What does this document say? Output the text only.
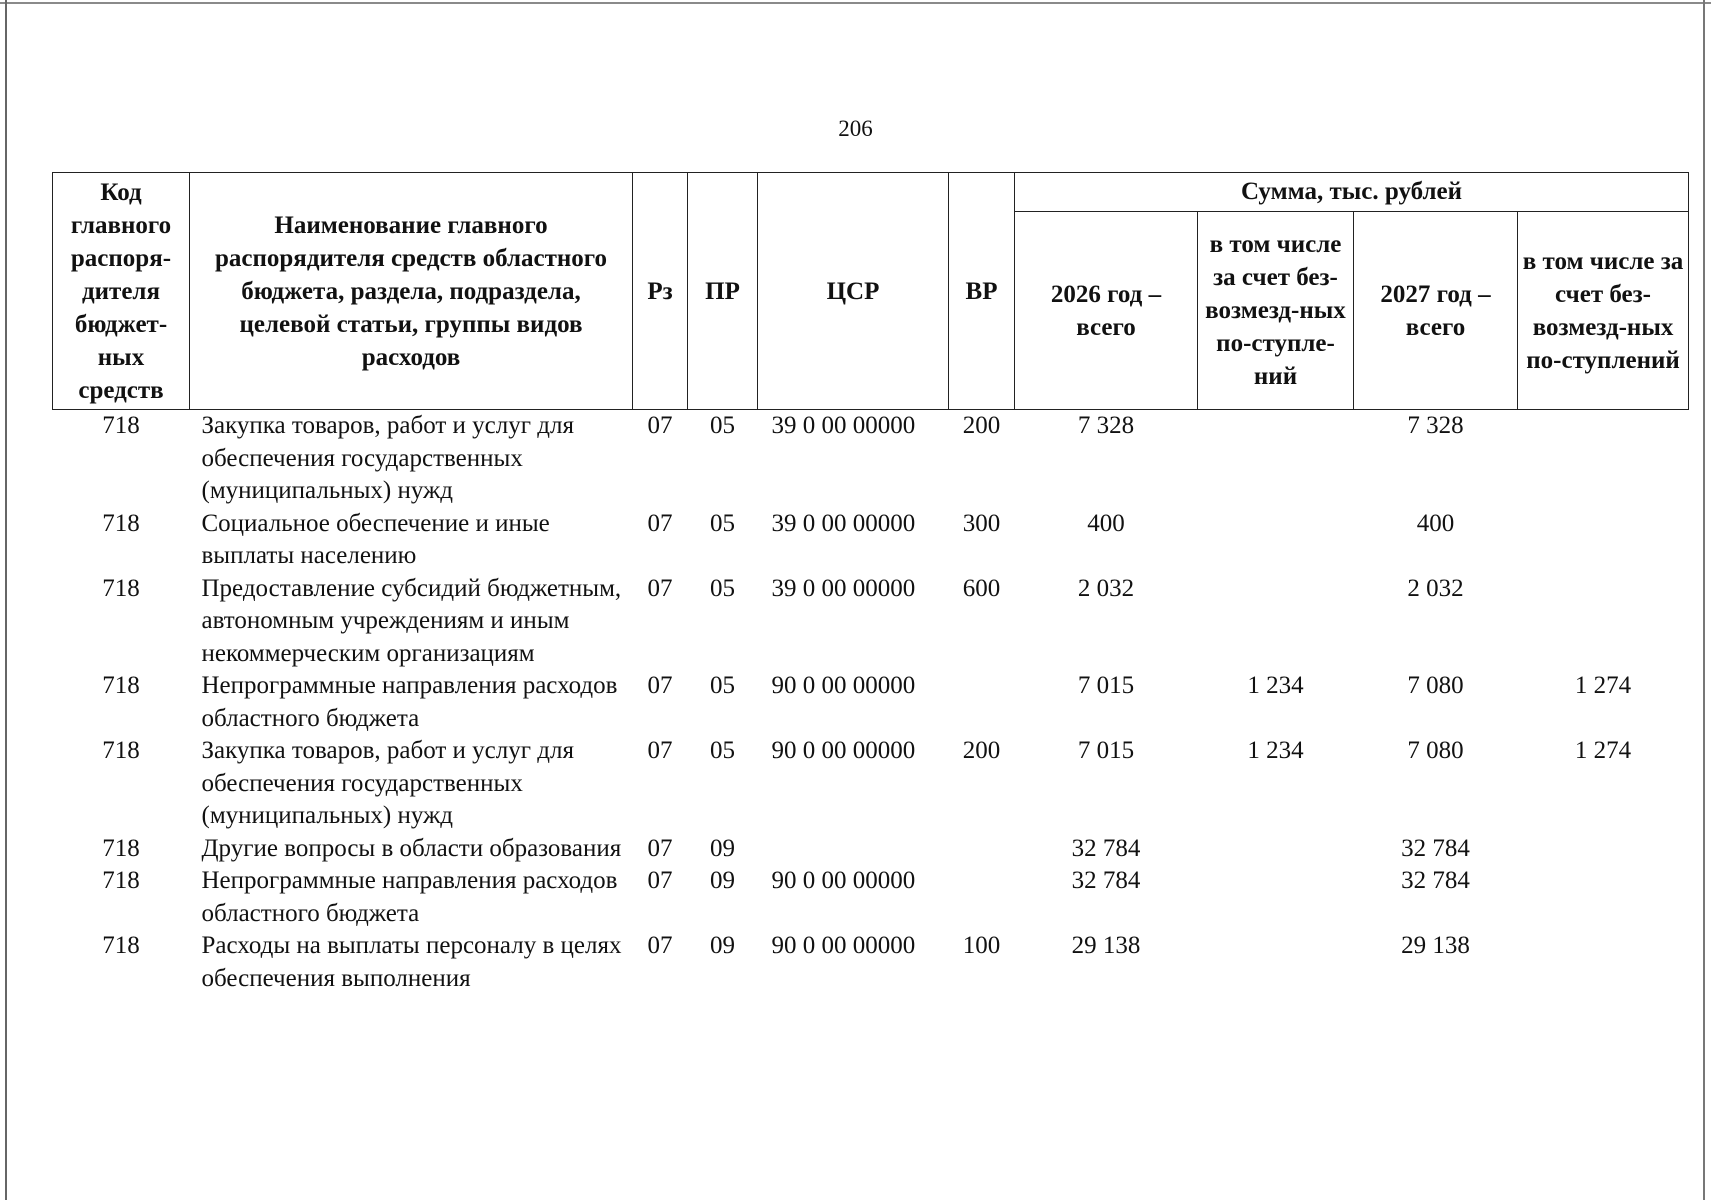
206
Код главного распоря-дителя бюджет-ных средств	Наименование главного распорядителя средств областного бюджета, раздела, подраздела, целевой статьи, группы видов расходов	Рз	ПР	ЦСР	ВР	Сумма, тыс. рублей			
						2026 год – всего	в том числе за счет без-возмезд-ных по-ступле-ний	2027 год – всего	в том числе за счет без-возмезд-ных по-ступлений
718	Закупка товаров, работ и услуг для обеспечения государственных (муниципальных) нужд	07	05	39 0 00 00000	200	7 328		7 328	
718	Социальное обеспечение и иные выплаты населению	07	05	39 0 00 00000	300	400		400	
718	Предоставление субсидий бюджетным, автономным учреждениям и иным некоммерческим организациям	07	05	39 0 00 00000	600	2 032		2 032	
718	Непрограммные направления расходов областного бюджета	07	05	90 0 00 00000		7 015	1 234	7 080	1 274
718	Закупка товаров, работ и услуг для обеспечения государственных (муниципальных) нужд	07	05	90 0 00 00000	200	7 015	1 234	7 080	1 274
718	Другие вопросы в области образования	07	09			32 784		32 784	
718	Непрограммные направления расходов областного бюджета	07	09	90 0 00 00000		32 784		32 784	
718	Расходы на выплаты персоналу в целях обеспечения выполнения	07	09	90 0 00 00000	100	29 138		29 138	
